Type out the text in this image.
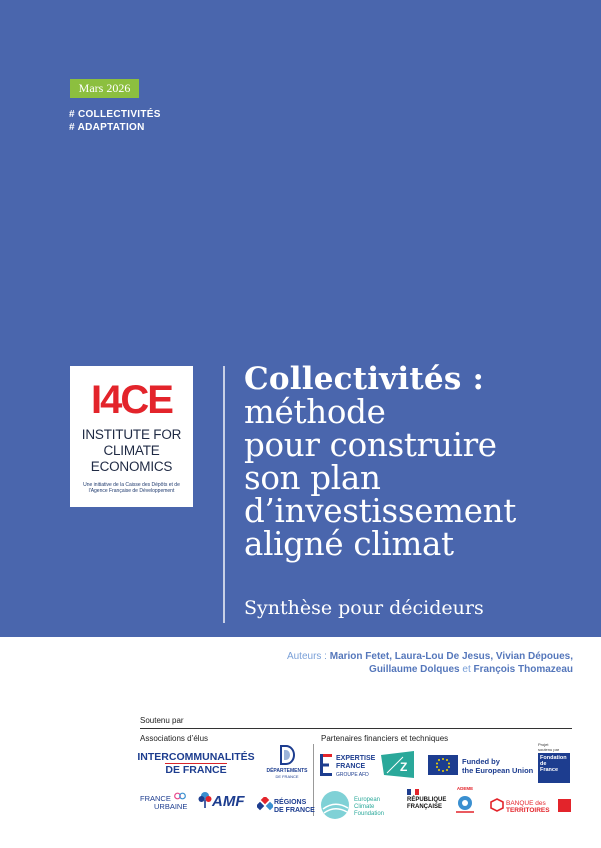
Mars 2026
# COLLECTIVITÉS
# ADAPTATION
I4CE
INSTITUTE FOR
CLIMATE
ECONOMICS
Une initiative de la Caisse des Dépôts et de l'Agence Française de Développement
Collectivités :
méthode
pour construire
son plan
d’investissement
aligné climat
Synthèse pour décideurs
Auteurs : Marion Fetet, Laura-Lou De Jesus, Vivian Dépoues,
Guillaume Dolques et François Thomazeau
Soutenu par
Associations d’élus	Partenaires financiers et techniques
INTERCOMMUNALITÉS
DE FRANCE	DÉPARTEMENTS
DE FRANCE
FRANCE
URBAINE	AMF	RÉGIONS
DE FRANCE
EXPERTISE
FRANCE
GROUPE AFD
Z	Funded by
the European Union
Projet
soutenu par
Fondation
de
France
European
Climate
Foundation
RÉPUBLIQUE
FRANÇAISE
ADEME
BANQUE des
TERRITOIRES
